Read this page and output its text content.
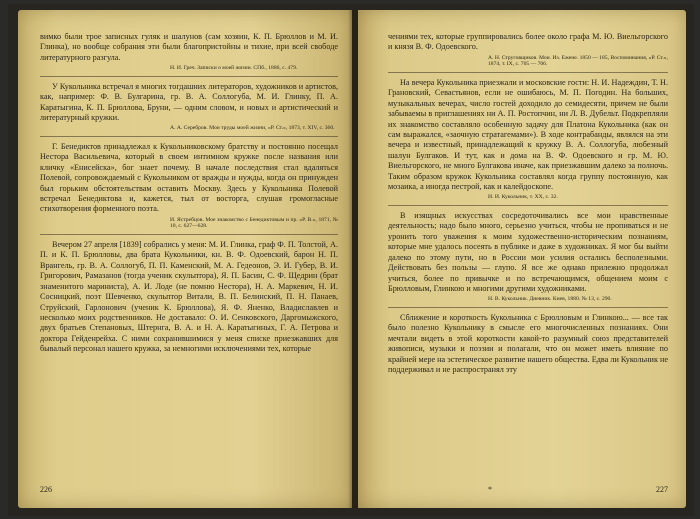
вимко были трое записных гуляк и шалунов (сам хозяин, К. П. Брюллов и М. И. Глинка), но вообще собрания эти были благопристойны и тихие, при всей свободе литературного разгула.

Н. И. Греч. Записки о моей жизни. СПб., 1886, с. 479.

У Кукольника встречал я многих тогдашних литераторов, художников и артистов, как, например: Ф. В. Булгарина, гр. В. А. Соллогуба, М. И. Глинку, П. А. Каратыгина, К. П. Брюллова, Бруни, — одним словом, и новых и артистический и литературный кружки.

А. А. Серебров. Мои труды моей жизни, «Р. Ст.», 1873, т. XIV, с. 360.

Г. Бенедиктов принадлежал к Кукольниковскому братству и постоянно посещал Нестора Васильевича, который в своем интимном кружке после названия или кличку «Енисейска», бог знает почему. В начале последствия стал вдаляться Полевой, сопровождаемый с Кукольником от вражды и нужды, когда он принужден был горьким обстоятельствам оставить Москву. Здесь у Кукольника Полевой встречал Бенедиктова и, кажется, тыл от восторга, слушая громогласные стихотворения форменного поэта.

И. Ястребцов. Мое знакомство с Бенедиктовым и пр. «Р. В.», 1871, № 10, с. 627—628.

Вечером 27 апреля [1839] собрались у меня: М. И. Глинка, граф Ф. П. Толстой, А. П. и К. П. Брюлловы, два брата Кукольники, кн. В. Ф. Одоевский, барон Н. П. Врангель, гр. В. А. Соллогуб, П. П. Каменский, М. А. Гедеонов, Э. И. Губер, В. И. Григорович, Рамазанов (тогда ученик скульптора), Я. П. Басин, С. Ф. Щедрин (брат знаменитого мариниста), А. И. Лоде (не помню Нестора), Н. А. Маркевич, Н. И. Сосницкий, поэт Шевченко, скульптор Витали, В. П. Белинский, П. Н. Панаев, Струйский, Гарлонович (ученик К. Брюллова), Я. Ф. Яненко, Владиславлев и несколько моих родственников. Не доставало: О. И. Сенковского, Даргомыжского, двух братьев Степановых, Штернга, В. А. и Н. А. Каратыгиных, Г. А. Петрова и доктора Гейденрейха. С ними сохранившимися у меня списке приезжавших для бывалый персонал нашего кружка, за немногими исключениями тех, которые

226

чениями тех, которые группировались более около графа М. Ю. Виельгорского и князя В. Ф. Одоевского.

А. Н. Струговщиков. Мои. Из. Ежене. 1850 — 185, Воспоминания, «Р. Ст.», 1874, т. IX, с. 705 — 706.

На вечера Кукольника приезжали и московские гости: Н. И. Надеждин, Т. Н. Грановский, Севастьянов, если не ошибаюсь, М. П. Погодин. На больших, музыкальных вечерах, число гостей доходило до семидесяти, причем не были забываемы в приглашениях ни А. П. Ростопчин, ни Л. В. Дубельт. Подкрепляли их знакомство составляло особенную задачу для Платона Кукольника (как он сам выражался, «заочную стратагемами»). В ходе контрабанды, являлся на эти вечера и известный, принадлежащий к кружку В. А. Соллогуба, любезный шалун Булгаков. И тут, как и дома на В. Ф. Одоевского и гр. М. Ю. Виельгорского, не много Булгакова иначе, как приезжавшим далеко за полночь. Таким образом кружок Кукольника составлял когда группу постоянную, как мозаика, а иногда пестрой, как и калейдоскопе.

И. И. Кукольник, т. XX, с. 32.

В изящных искусствах сосредоточивались все мои нравственные деятельность; надо было много, серьезно учиться, чтобы не пропиваться и не уронить того уважения к моим художественно-историческим познаниям, которые мне удалось посеять в публике и даже в художниках. Я мог бы выйти далеко по этому пути, но в России мои усилия остались бесполезными. Действовать без пользы — глупо. Я все же однако прилежно продолжал учиться, более по привычке и по встречающимся, общением моим с Брюлловым, Глинкою и многими другими художниками.

Н. В. Кукольник. Дневник. Киев, 1880. № 13, с. 290.

Сближение и короткость Кукольника с Брюлловым и Глинкою... — все так было полезно Кукольнику в смысле его многочисленных познаниях. Они мечтали видеть в этой короткости какой-то разумный союз представителей живописи, музыки и поэзии и полагали, что он может иметь влияние по крайней мере на эстетическое развитие нашего общества. Едва ли Кукольник не поддерживал и не распространял эту

*	227
